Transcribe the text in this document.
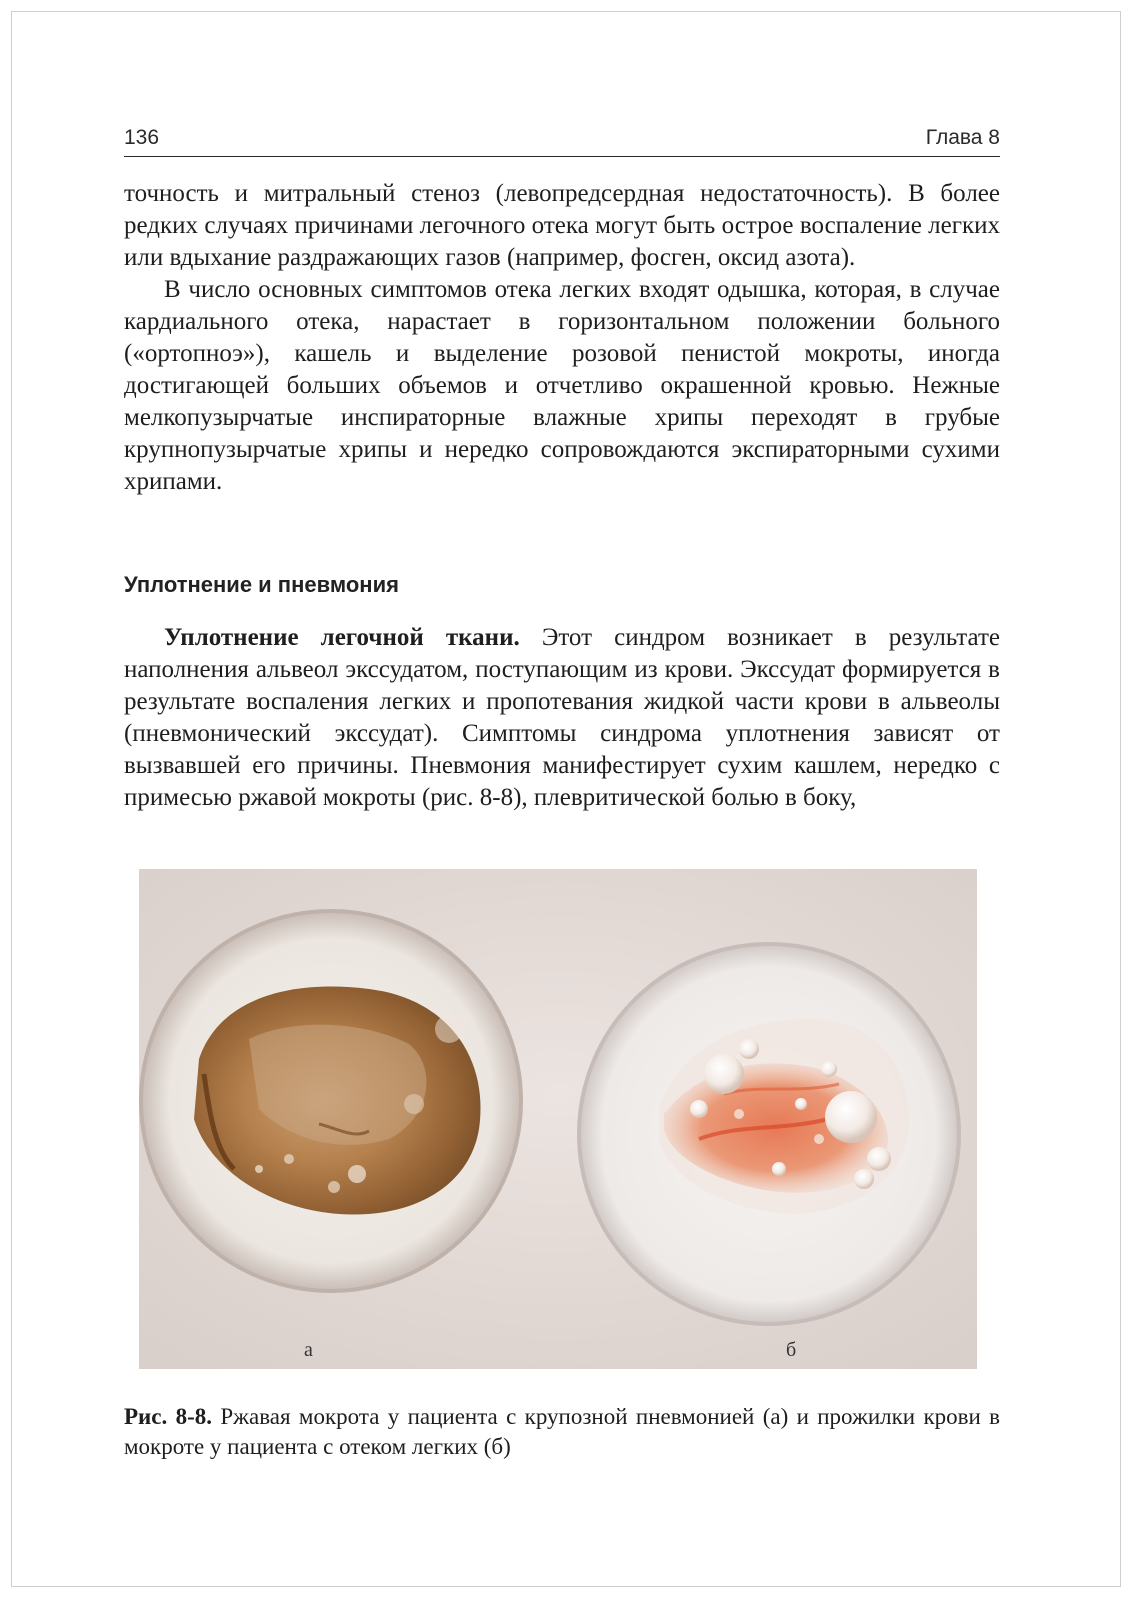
136	Глава 8

точность и митральный стеноз (левопредсердная недостаточность). В более редких случаях причинами легочного отека могут быть острое воспаление легких или вдыхание раздражающих газов (например, фосген, оксид азота).

В число основных симптомов отека легких входят одышка, которая, в случае кардиального отека, нарастает в горизонтальном положении больного («ортопноэ»), кашель и выделение розовой пенистой мокроты, иногда достигающей больших объемов и отчетливо окрашенной кровью. Нежные мелкопузырчатые инспираторные влажные хрипы переходят в грубые крупнопузырчатые хрипы и нередко сопровождаются экспираторными сухими хрипами.

Уплотнение и пневмония

Уплотнение легочной ткани. Этот синдром возникает в результате наполнения альвеол экссудатом, поступающим из крови. Экссудат формируется в результате воспаления легких и пропотевания жидкой части крови в альвеолы (пневмонический экссудат). Симптомы синдрома уплотнения зависят от вызвавшей его причины. Пневмония манифестирует сухим кашлем, нередко с примесью ржавой мокроты (рис. 8-8), плевритической болью в боку,

а	б
Рис. 8-8. Ржавая мокрота у пациента с крупозной пневмонией (а) и прожилки крови в мокроте у пациента с отеком легких (б)
